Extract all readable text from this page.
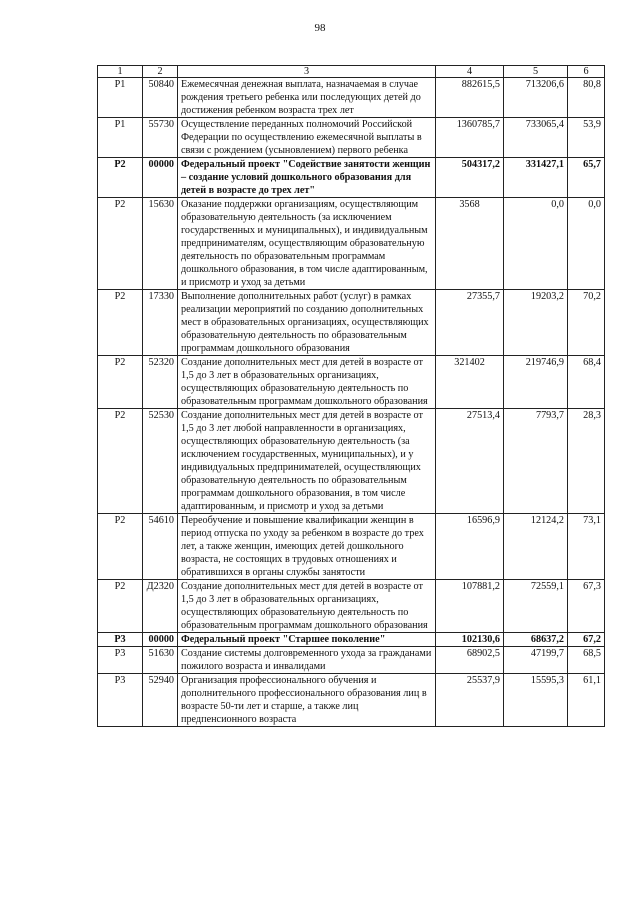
98
1	2	3	4	5	6
Р1	50840	Ежемесячная денежная выплата, назначаемая в случае рождения третьего ребенка или последующих детей до достижения ребенком возраста трех лет	882615,5	713206,6	80,8
Р1	55730	Осуществление переданных полномочий Российской Федерации по осуществлению ежемесячной выплаты в связи с рождением (усыновлением) первого ребенка	1360785,7	733065,4	53,9
Р2	00000	Федеральный проект "Содействие занятости женщин – создание условий дошкольного образования для детей в возрасте до трех лет"	504317,2	331427,1	65,7
Р2	15630	Оказание поддержки организациям, осуществляющим образовательную деятельность (за исключением государственных и муниципальных), и индивидуальным предпринимателям, осуществляющим образовательную деятельность по образовательным программам дошкольного образования, в том числе адаптированным, и присмотр и уход за детьми	3568	0,0	0,0
Р2	17330	Выполнение дополнительных работ (услуг) в рамках реализации мероприятий по созданию дополнительных мест в образовательных организациях, осуществляющих образовательную деятельность по образовательным программам дошкольного образования	27355,7	19203,2	70,2
Р2	52320	Создание дополнительных мест для детей в возрасте от 1,5 до 3 лет в образовательных организациях, осуществляющих образовательную деятельность по образовательным программам дошкольного образования	321402	219746,9	68,4
Р2	52530	Создание дополнительных мест для детей в возрасте от 1,5 до 3 лет любой направленности в организациях, осуществляющих образовательную деятельность (за исключением государственных, муниципальных), и у индивидуальных предпринимателей, осуществляющих образовательную деятельность по образовательным программам дошкольного образования, в том числе адаптированным, и присмотр и уход за детьми	27513,4	7793,7	28,3
Р2	54610	Переобучение и повышение квалификации женщин в период отпуска по уходу за ребенком в возрасте до трех лет, а также женщин, имеющих детей дошкольного возраста, не состоящих в трудовых отношениях и обратившихся в органы службы занятости	16596,9	12124,2	73,1
Р2	Д2320	Создание дополнительных мест для детей в возрасте от 1,5 до 3 лет в образовательных организациях, осуществляющих образовательную деятельность по образовательным программам дошкольного образования	107881,2	72559,1	67,3
Р3	00000	Федеральный проект "Старшее поколение"	102130,6	68637,2	67,2
Р3	51630	Создание системы долговременного ухода за гражданами пожилого возраста и инвалидами	68902,5	47199,7	68,5
Р3	52940	Организация профессионального обучения и дополнительного профессионального образования лиц в возрасте 50-ти лет и старше, а также лиц предпенсионного возраста	25537,9	15595,3	61,1
